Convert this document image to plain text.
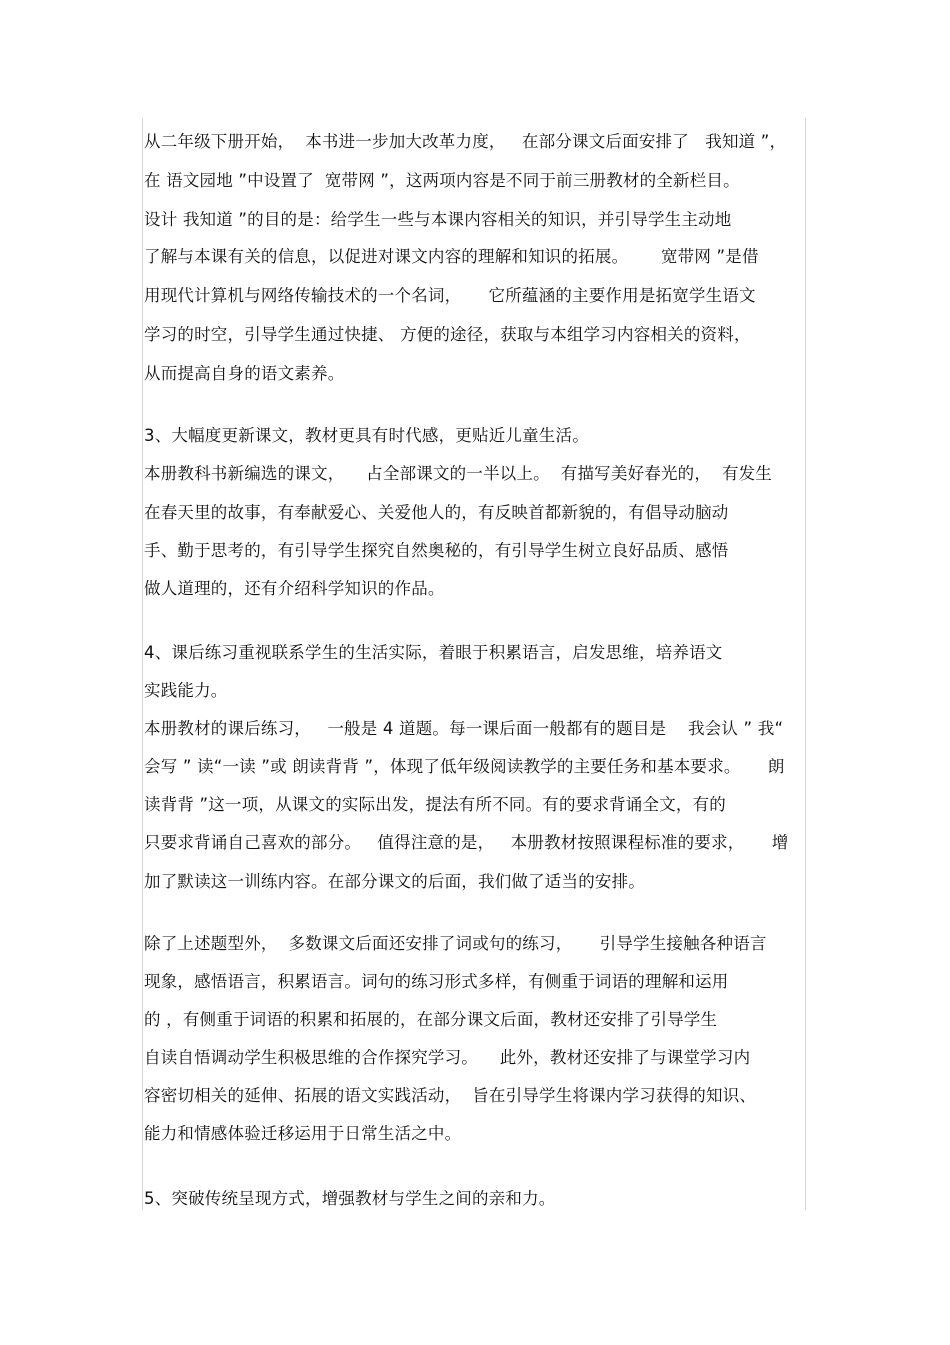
从二年级下册开始，  本书进一步加大改革力度，   在部分课文后面安排了   我知道 ”，
在 语文园地 ”中设置了  宽带网 ”，这两项内容是不同于前三册教材的全新栏目。
设计 我知道 ”的目的是：给学生一些与本课内容相关的知识，并引导学生主动地
了解与本课有关的信息，以促进对课文内容的理解和知识的拓展。      宽带网 ”是借
用现代计算机与网络传输技术的一个名词，     它所蕴涵的主要作用是拓宽学生语文
学习的时空，引导学生通过快捷、 方便的途径，获取与本组学习内容相关的资料，
从而提高自身的语文素养。
3、大幅度更新课文，教材更具有时代感，更贴近儿童生活。
本册教科书新编选的课文，    占全部课文的一半以上。  有描写美好春光的，  有发生
在春天里的故事，有奉献爱心、关爱他人的，有反映首都新貌的，有倡导动脑动
手、勤于思考的，有引导学生探究自然奥秘的，有引导学生树立良好品质、感悟
做人道理的，还有介绍科学知识的作品。
4、课后练习重视联系学生的生活实际，着眼于积累语言，启发思维，培养语文
实践能力。
本册教材的课后练习，   一般是 4 道题。每一课后面一般都有的题目是    我会认 ” 我“
会写 ” 读“一读 ”或 朗读背背 ”，体现了低年级阅读教学的主要任务和基本要求。     朗
读背背 ”这一项，从课文的实际出发，提法有所不同。有的要求背诵全文，有的
只要求背诵自己喜欢的部分。   值得注意的是，   本册教材按照课程标准的要求，     增
加了默读这一训练内容。在部分课文的后面，我们做了适当的安排。
除了上述题型外，  多数课文后面还安排了词或句的练习，     引导学生接触各种语言
现象，感悟语言，积累语言。词句的练习形式多样，有侧重于词语的理解和运用
的 ，有侧重于词语的积累和拓展的，在部分课文后面，教材还安排了引导学生
自读自悟调动学生积极思维的合作探究学习。    此外，教材还安排了与课堂学习内
容密切相关的延伸、拓展的语文实践活动，  旨在引导学生将课内学习获得的知识、
能力和情感体验迁移运用于日常生活之中。
5、突破传统呈现方式，增强教材与学生之间的亲和力。
